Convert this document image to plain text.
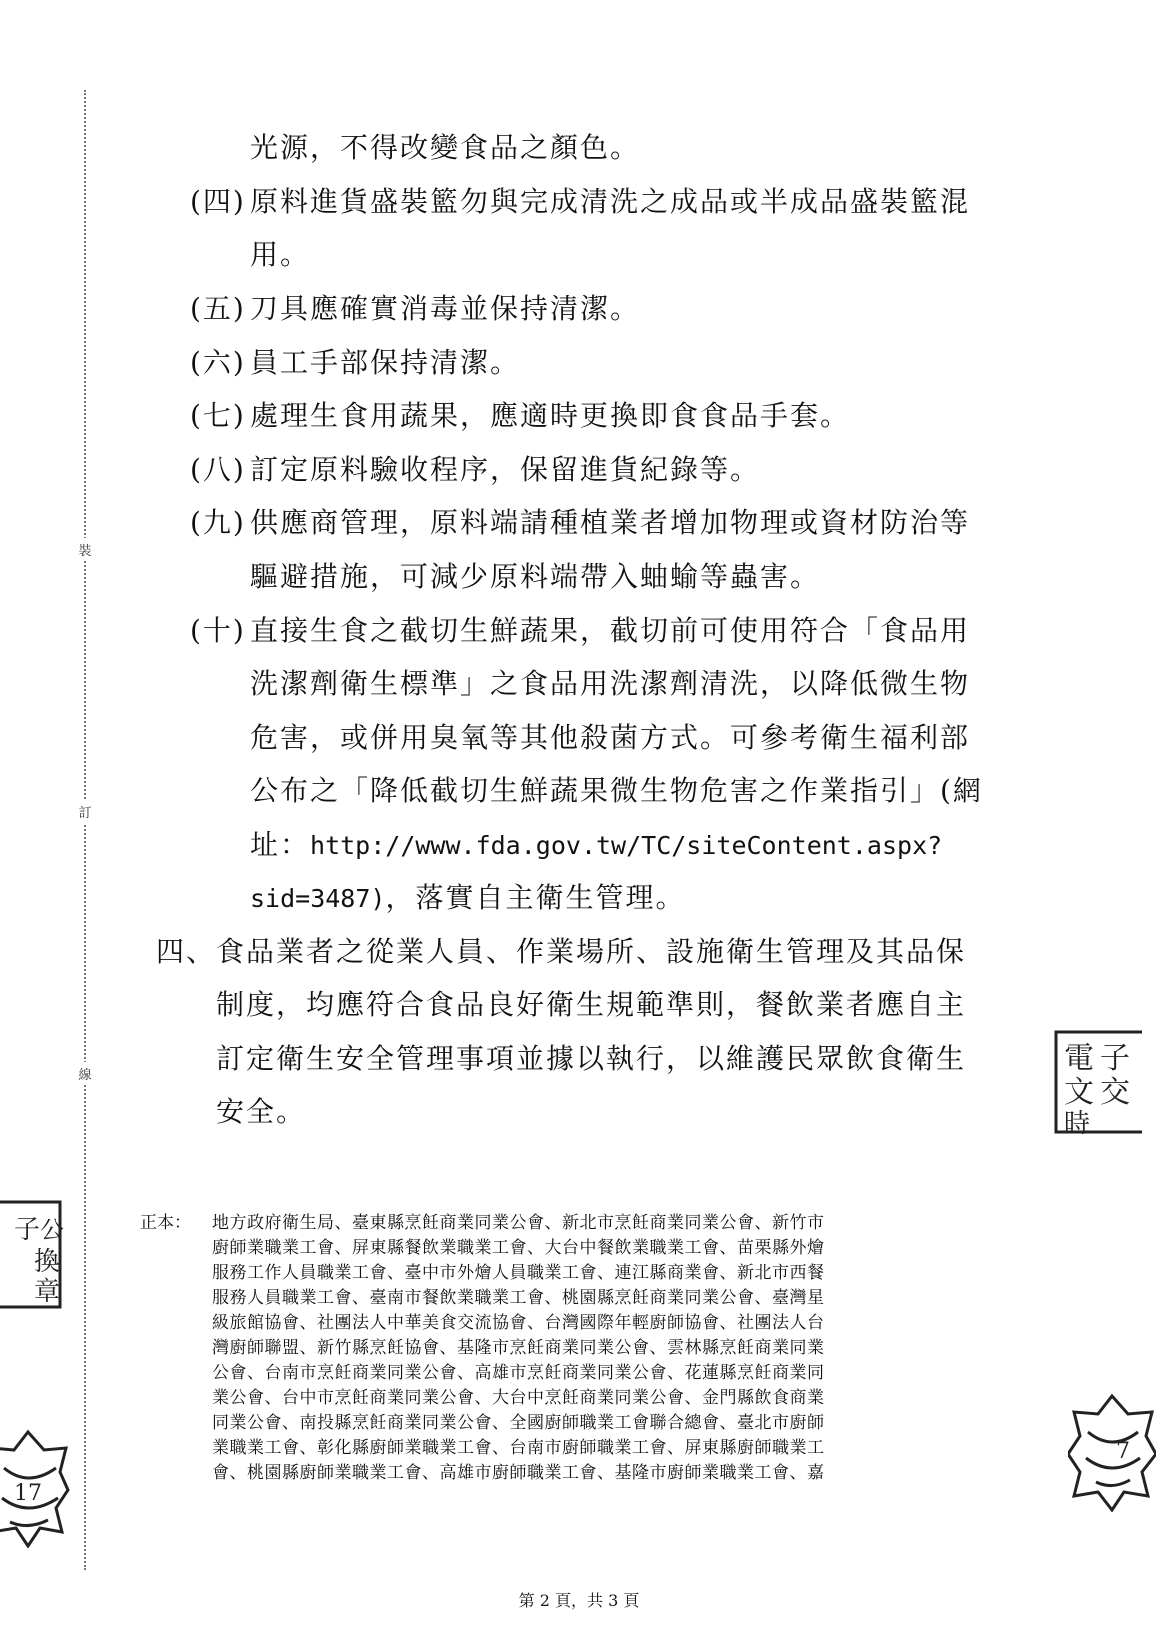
裝
訂
線
光源，不得改變食品之顏色。
(四) 原料進貨盛裝籃勿與完成清洗之成品或半成品盛裝籃混
用。
(五) 刀具應確實消毒並保持清潔。
(六) 員工手部保持清潔。
(七) 處理生食用蔬果，應適時更換即食食品手套。
(八) 訂定原料驗收程序，保留進貨紀錄等。
(九) 供應商管理，原料端請種植業者增加物理或資材防治等
驅避措施，可減少原料端帶入蚰蝓等蟲害。
(十) 直接生食之截切生鮮蔬果，截切前可使用符合「食品用
洗潔劑衛生標準」之食品用洗潔劑清洗，以降低微生物
危害，或併用臭氧等其他殺菌方式。可參考衛生福利部
公布之「降低截切生鮮蔬果微生物危害之作業指引」(網
址：http://www.fda.gov.tw/TC/siteContent.aspx?
sid=3487)，落實自主衛生管理。
四、 食品業者之從業人員、作業場所、設施衛生管理及其品保
制度，均應符合食品良好衛生規範準則，餐飲業者應自主
訂定衛生安全管理事項並據以執行，以維護民眾飲食衛生
安全。
正本： 地方政府衛生局、臺東縣烹飪商業同業公會、新北市烹飪商業同業公會、新竹市
廚師業職業工會、屏東縣餐飲業職業工會、大台中餐飲業職業工會、苗栗縣外燴
服務工作人員職業工會、臺中市外燴人員職業工會、連江縣商業會、新北市西餐
服務人員職業工會、臺南市餐飲業職業工會、桃園縣烹飪商業同業公會、臺灣星
級旅館協會、社團法人中華美食交流協會、台灣國際年輕廚師協會、社團法人台
灣廚師聯盟、新竹縣烹飪協會、基隆市烹飪商業同業公會、雲林縣烹飪商業同業
公會、台南市烹飪商業同業公會、高雄市烹飪商業同業公會、花蓮縣烹飪商業同
業公會、台中市烹飪商業同業公會、大台中烹飪商業同業公會、金門縣飲食商業
同業公會、南投縣烹飪商業同業公會、全國廚師職業工會聯合總會、臺北市廚師
業職業工會、彰化縣廚師業職業工會、台南市廚師職業工會、屏東縣廚師職業工
會、桃園縣廚師業職業工會、高雄市廚師職業工會、基隆市廚師業職業工會、嘉
第 2 頁，共 3 頁
電 子
文 交
時
子 公
換
章
7
17
